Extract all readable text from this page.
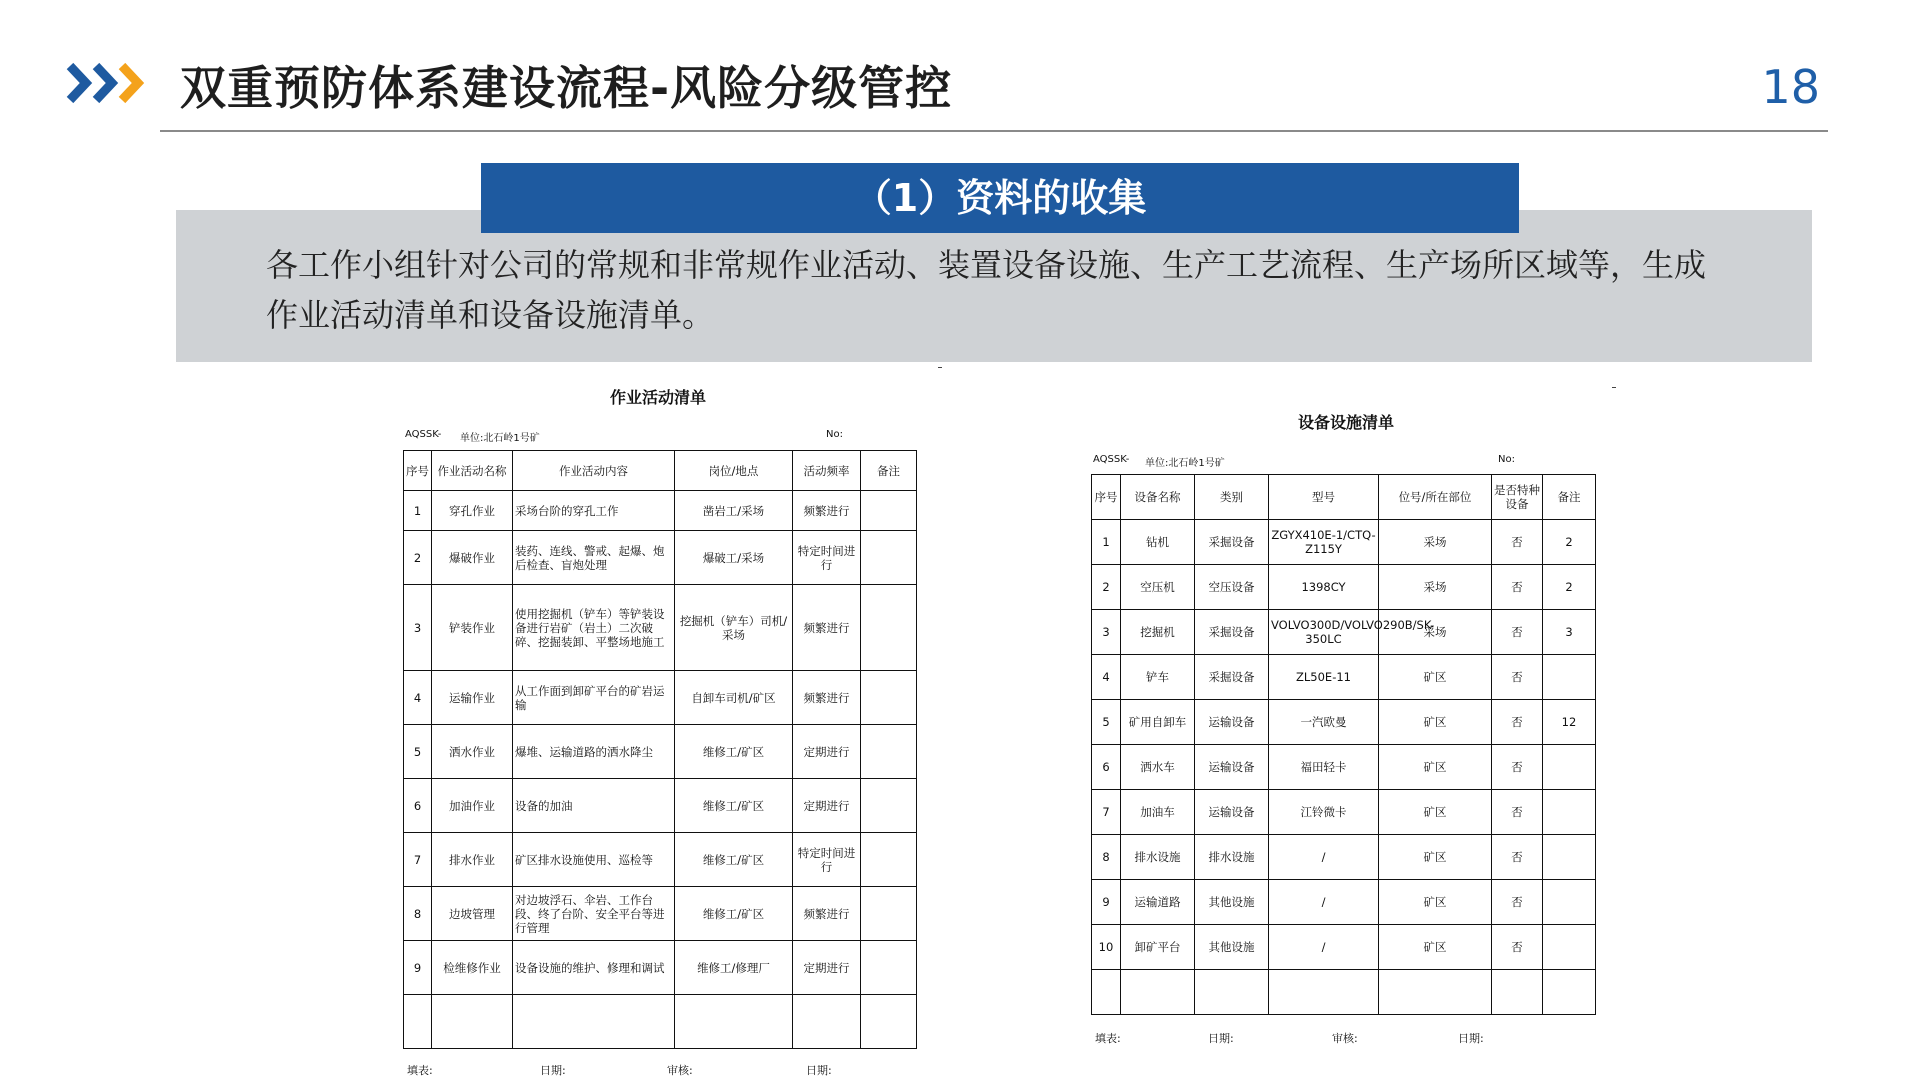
双重预防体系建设流程-风险分级管控	18
（1）资料的收集
各工作小组针对公司的常规和非常规作业活动、装置设备设施、生产工艺流程、生产场所区域等，生成作业活动清单和设备设施清单。
作业活动清单
AQSSK- 单位:北石岭1号矿	No:
序号	作业活动名称	作业活动内容	岗位/地点	活动频率	备注
1	穿孔作业	采场台阶的穿孔工作	凿岩工/采场	频繁进行	
2	爆破作业	装药、连线、警戒、起爆、炮后检查、盲炮处理	爆破工/采场	特定时间进行	
3	铲装作业	使用挖掘机（铲车）等铲装设备进行岩矿（岩土）二次破碎、挖掘装卸、平整场地施工	挖掘机（铲车）司机/采场	频繁进行	
4	运输作业	从工作面到卸矿平台的矿岩运输	自卸车司机/矿区	频繁进行	
5	洒水作业	爆堆、运输道路的洒水降尘	维修工/矿区	定期进行	
6	加油作业	设备的加油	维修工/矿区	定期进行	
7	排水作业	矿区排水设施使用、巡检等	维修工/矿区	特定时间进行	
8	边坡管理	对边坡浮石、伞岩、工作台段、终了台阶、安全平台等进行管理	维修工/矿区	频繁进行	
9	检维修作业	设备设施的维护、修理和调试	维修工/修理厂	定期进行	

填表:	日期:	审核:	日期:
设备设施清单
AQSSK- 单位:北石岭1号矿	No:
序号	设备名称	类别	型号	位号/所在部位	是否特种设备	备注
1	钻机	采掘设备	ZGYX410E-1/CTQ-Z115Y	采场	否	2
2	空压机	空压设备	1398CY	采场	否	2
3	挖掘机	采掘设备	VOLVO300D/VOLVO290B/SK-350LC	采场	否	3
4	铲车	采掘设备	ZL50E-11	矿区	否	
5	矿用自卸车	运输设备	一汽欧曼	矿区	否	12
6	洒水车	运输设备	福田轻卡	矿区	否	
7	加油车	运输设备	江铃微卡	矿区	否	
8	排水设施	排水设施	/	矿区	否	
9	运输道路	其他设施	/	矿区	否	
10	卸矿平台	其他设施	/	矿区	否	

填表:	日期:	审核:	日期:
